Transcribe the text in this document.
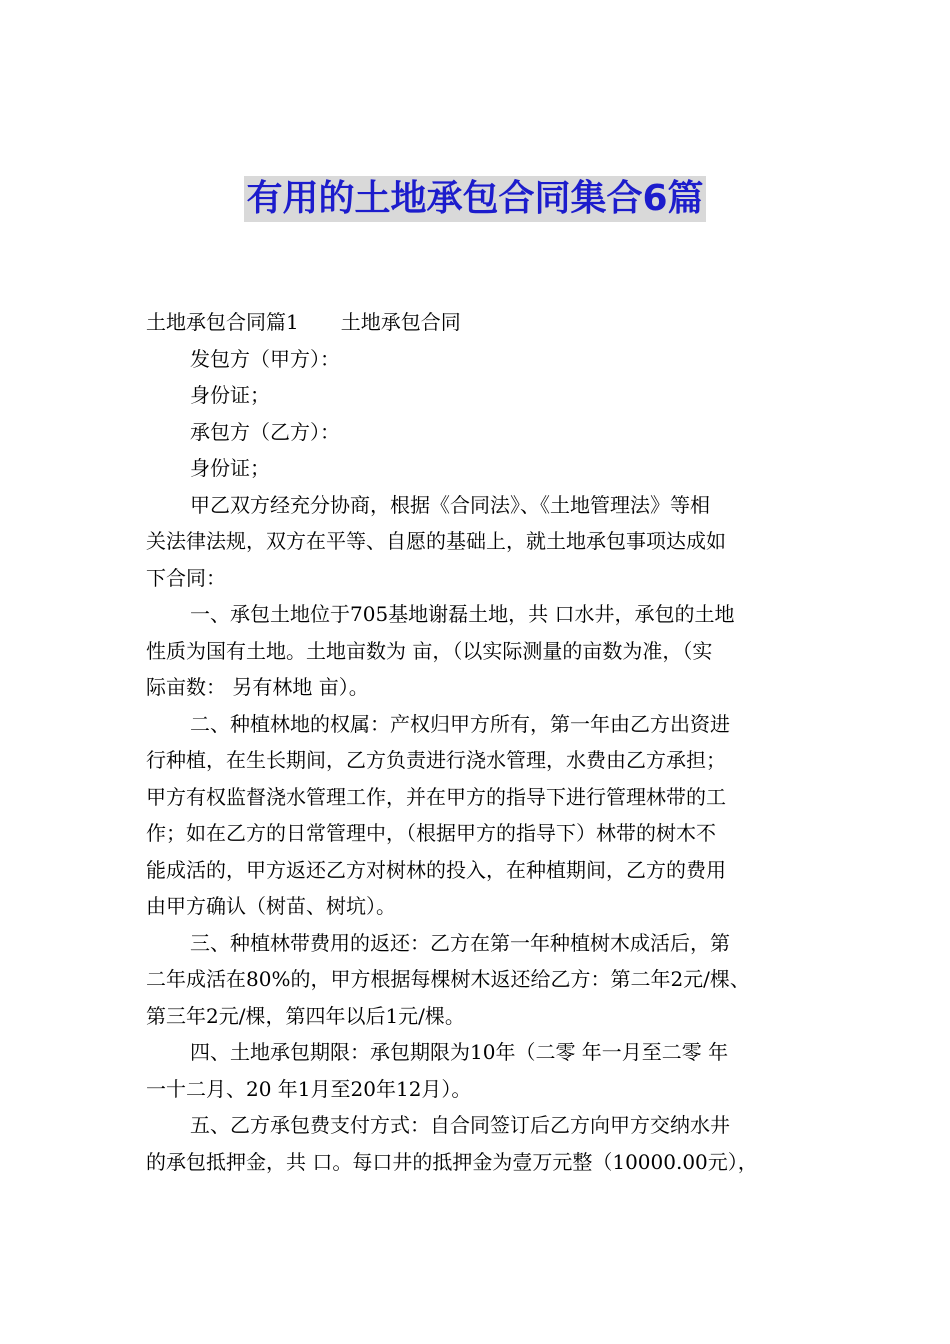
有用的土地承包合同集合6篇
土地承包合同篇1 土地承包合同
发包方（甲方）：
身份证；
承包方（乙方）：
身份证；
甲乙双方经充分协商，根据《合同法》、《土地管理法》等相
关法律法规，双方在平等、自愿的基础上，就土地承包事项达成如
下合同：
一、承包土地位于705基地谢磊土地，共 口水井，承包的土地
性质为国有土地。土地亩数为 亩，（以实际测量的亩数为准，（实
际亩数： 另有林地 亩）。
二、种植林地的权属：产权归甲方所有，第一年由乙方出资进
行种植，在生长期间，乙方负责进行浇水管理，水费由乙方承担；
甲方有权监督浇水管理工作，并在甲方的指导下进行管理林带的工
作；如在乙方的日常管理中，（根据甲方的指导下）林带的树木不
能成活的，甲方返还乙方对树林的投入，在种植期间，乙方的费用
由甲方确认（树苗、树坑）。
三、种植林带费用的返还：乙方在第一年种植树木成活后，第
二年成活在80%的，甲方根据每棵树木返还给乙方：第二年2元/棵、
第三年2元/棵，第四年以后1元/棵。
四、土地承包期限：承包期限为10年（二零 年一月至二零 年
一十二月、20 年1月至20年12月）。
五、乙方承包费支付方式：自合同签订后乙方向甲方交纳水井
的承包抵押金，共 口。每口井的抵押金为壹万元整（10000.00元），
